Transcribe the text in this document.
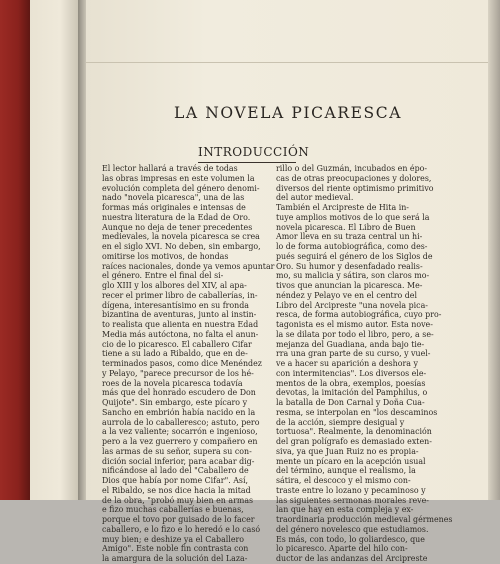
LA NOVELA PICARESCA
INTRODUCCIÓN
El lector hallará a través de todas
las obras impresas en este volumen la
evolución completa del género denomi-
nado "novela picaresca", una de las
formas más originales e intensas de
nuestra literatura de la Edad de Oro.
Aunque no deja de tener precedentes
medievales, la novela picaresca se crea
en el siglo XVI. No deben, sin embargo,
omitirse los motivos, de hondas
raíces nacionales, donde ya vemos apuntar
el género. Entre el final del si-
glo XIII y los albores del XIV, al apa-
recer el primer libro de caballerías, in-
dígena, interesantísimo en su fronda
bizantina de aventuras, junto al instin-
to realista que alienta en nuestra Edad
Media más autóctona, no falta el anun-
cio de lo picaresco. El caballero Cifar
tiene a su lado a Ribaldo, que en de-
terminados pasos, como dice Menéndez
y Pelayo, "parece precursor de los hé-
roes de la novela picaresca todavía
más que del honrado escudero de Don
Quijote". Sin embargo, este pícaro y
Sancho en embrión había nacido en la
aurrola de lo caballeresco; astuto, pero
a la vez valiente; socarrón e ingenioso,
pero a la vez guerrero y compañero en
las armas de su señor, supera su con-
dición social inferior, para acabar dig-
nificándose al lado del "Caballero de
Dios que había por nome Cifar". Así,
el Ribaldo, se nos dice hacia la mitad
de la obra, "probó muy bien en armas
e fizo muchas caballerías e buenas,
porque el tovo por guisado de lo facer
caballero, e lo fizo e lo heredó e lo casó
muy bien; e deshize ya el Caballero
Amigo". Este noble fin contrasta con
la amargura de la solución del Laza-
rillo o del Guzmán, incubados en épo-
cas de otras preocupaciones y dolores,
diversos del riente optimismo primitivo
del autor medieval.
También el Arcipreste de Hita in-
tuye amplios motivos de lo que será la
novela picaresca. El Libro de Buen
Amor lleva en su traza central un hi-
lo de forma autobiográfica, como des-
pués seguirá el género de los Siglos de
Oro. Su humor y desenfadado realis-
mo, su malicia y sátira, son claros mo-
tivos que anuncian la picaresca. Me-
néndez y Pelayo ve en el centro del
Libro del Arcipreste "una novela pica-
resca, de forma autobiográfica, cuyo pro-
tagonista es el mismo autor. Esta nove-
la se dilata por todo el libro, pero, a se-
mejanza del Guadiana, anda bajo tie-
rra una gran parte de su curso, y vuel-
ve a hacer su aparición a deshora y
con intermitencias". Los diversos ele-
mentos de la obra, exemplos, poesías
devotas, la imitación del Pamphilus, o
la batalla de Don Carnal y Doña Cua-
resma, se interpolan en "los descaminos
de la acción, siempre desigual y
tortuosa". Realmente, la denominación
del gran polígrafo es demasiado exten-
siva, ya que Juan Ruiz no es propia-
mente un pícaro en la acepción usual
del término, aunque el realismo, la
sátira, el descoco y el mismo con-
traste entre lo lozano y pecaminoso y
las siguientes sermonas morales reve-
lan que hay en esta compleja y ex-
traordinaria producción medieval gérmenes
del género novelesco que estudiamos.
Es más, con todo, lo goliardesco, que
lo picaresco. Aparte del hilo con-
ductor de las andanzas del Arcipreste
